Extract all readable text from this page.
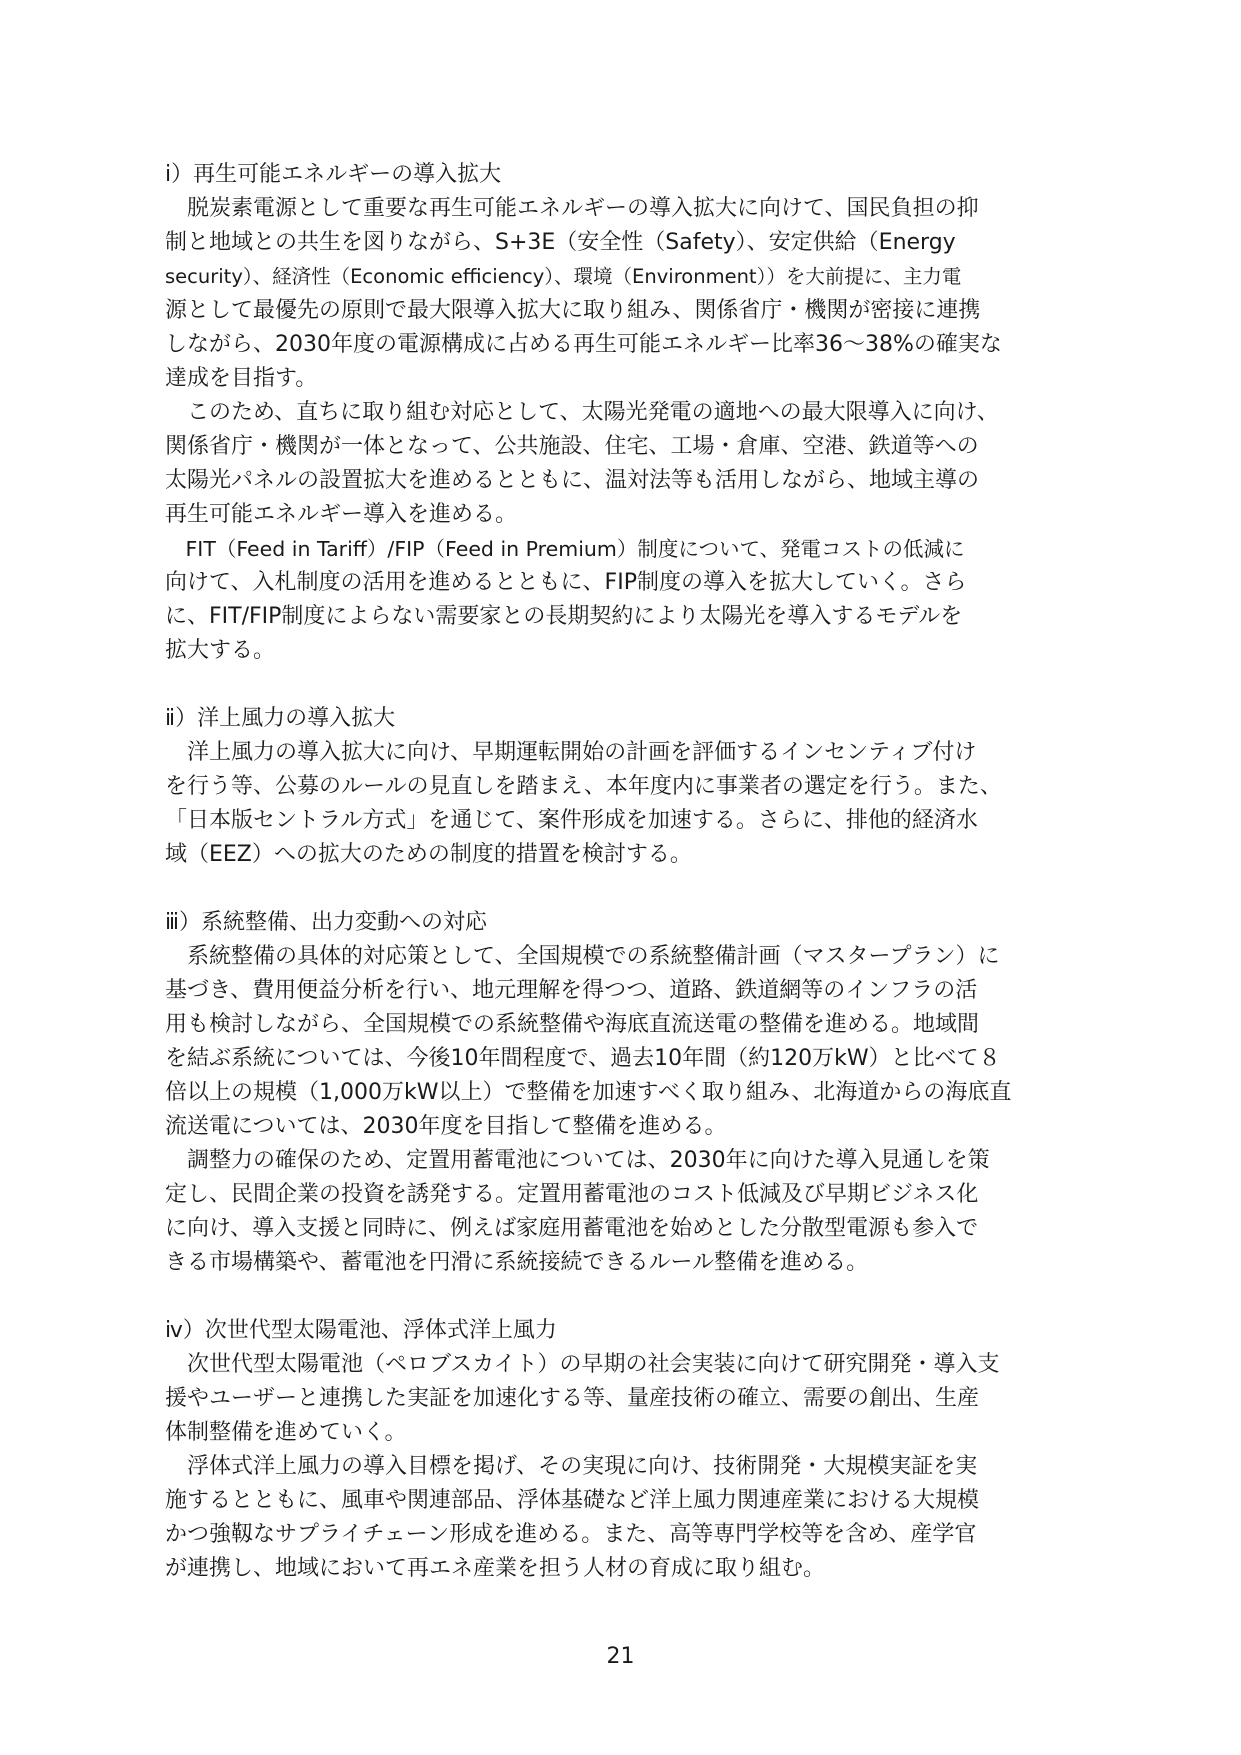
ⅰ）再生可能エネルギーの導入拡大
　脱炭素電源として重要な再生可能エネルギーの導入拡大に向けて、国民負担の抑
制と地域との共生を図りながら、S+3E（安全性（Safety）、安定供給（Energy
security）、経済性（Economic efficiency）、環境（Environment））を大前提に、主力電
源として最優先の原則で最大限導入拡大に取り組み、関係省庁・機関が密接に連携
しながら、2030年度の電源構成に占める再生可能エネルギー比率36～38%の確実な
達成を目指す。
　このため、直ちに取り組む対応として、太陽光発電の適地への最大限導入に向け、
関係省庁・機関が一体となって、公共施設、住宅、工場・倉庫、空港、鉄道等への
太陽光パネルの設置拡大を進めるとともに、温対法等も活用しながら、地域主導の
再生可能エネルギー導入を進める。
　FIT（Feed in Tariff）/FIP（Feed in Premium）制度について、発電コストの低減に
向けて、入札制度の活用を進めるとともに、FIP制度の導入を拡大していく。さら
に、FIT/FIP制度によらない需要家との長期契約により太陽光を導入するモデルを
拡大する。
ⅱ）洋上風力の導入拡大
　洋上風力の導入拡大に向け、早期運転開始の計画を評価するインセンティブ付け
を行う等、公募のルールの見直しを踏まえ、本年度内に事業者の選定を行う。また、
「日本版セントラル方式」を通じて、案件形成を加速する。さらに、排他的経済水
域（EEZ）への拡大のための制度的措置を検討する。
ⅲ）系統整備、出力変動への対応
　系統整備の具体的対応策として、全国規模での系統整備計画（マスタープラン）に
基づき、費用便益分析を行い、地元理解を得つつ、道路、鉄道網等のインフラの活
用も検討しながら、全国規模での系統整備や海底直流送電の整備を進める。地域間
を結ぶ系統については、今後10年間程度で、過去10年間（約120万kW）と比べて８
倍以上の規模（1,000万kW以上）で整備を加速すべく取り組み、北海道からの海底直
流送電については、2030年度を目指して整備を進める。
　調整力の確保のため、定置用蓄電池については、2030年に向けた導入見通しを策
定し、民間企業の投資を誘発する。定置用蓄電池のコスト低減及び早期ビジネス化
に向け、導入支援と同時に、例えば家庭用蓄電池を始めとした分散型電源も参入で
きる市場構築や、蓄電池を円滑に系統接続できるルール整備を進める。
ⅳ）次世代型太陽電池、浮体式洋上風力
　次世代型太陽電池（ペロブスカイト）の早期の社会実装に向けて研究開発・導入支
援やユーザーと連携した実証を加速化する等、量産技術の確立、需要の創出、生産
体制整備を進めていく。
　浮体式洋上風力の導入目標を掲げ、その実現に向け、技術開発・大規模実証を実
施するとともに、風車や関連部品、浮体基礎など洋上風力関連産業における大規模
かつ強靱なサプライチェーン形成を進める。また、高等専門学校等を含め、産学官
が連携し、地域において再エネ産業を担う人材の育成に取り組む。
21
